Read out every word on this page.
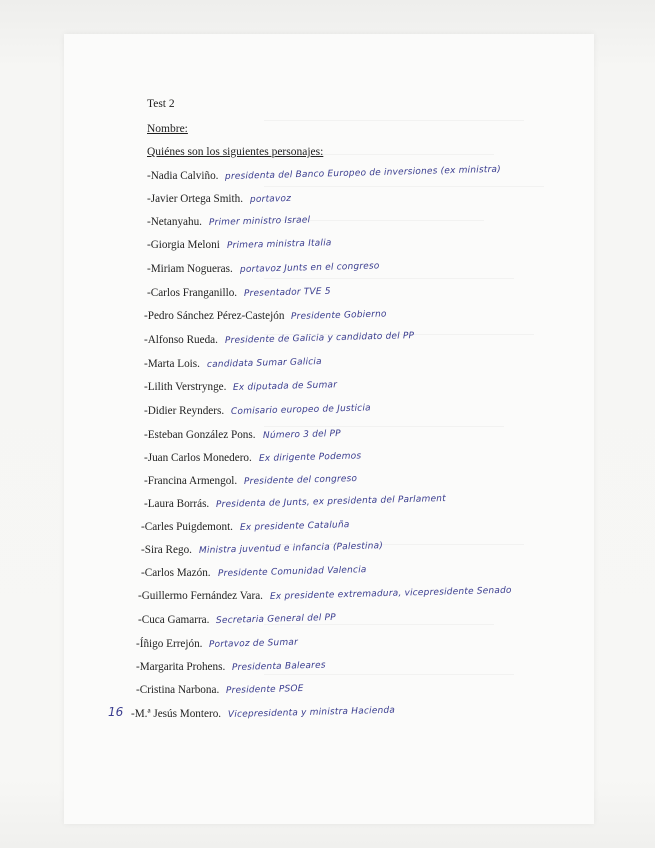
Test 2
Nombre:
Quiénes son los siguientes personajes:
-Nadia Calviño. presidenta del Banco Europeo de inversiones (ex ministra)
-Javier Ortega Smith. portavoz
-Netanyahu. Primer ministro Israel
-Giorgia Meloni Primera ministra Italia
-Miriam Nogueras. portavoz Junts en el congreso
-Carlos Franganillo. Presentador TVE 5
-Pedro Sánchez Pérez-Castejón Presidente Gobierno
-Alfonso Rueda. Presidente de Galicia y candidato del PP
-Marta Lois. candidata Sumar Galicia
-Lilith Verstrynge. Ex diputada de Sumar
-Didier Reynders. Comisario europeo de Justicia
-Esteban González Pons. Número 3 del PP
-Juan Carlos Monedero. Ex dirigente Podemos
-Francina Armengol. Presidente del congreso
-Laura Borrás. Presidenta de Junts, ex presidenta del Parlament
-Carles Puigdemont. Ex presidente Cataluña
-Sira Rego. Ministra juventud e infancia (Palestina)
-Carlos Mazón. Presidente Comunidad Valencia
-Guillermo Fernández Vara. Ex presidente extremadura, vicepresidente Senado
-Cuca Gamarra. Secretaria General del PP
-Íñigo Errejón. Portavoz de Sumar
-Margarita Prohens. Presidenta Baleares
-Cristina Narbona. Presidente PSOE
-M.ª Jesús Montero. Vicepresidenta y ministra Hacienda
16
